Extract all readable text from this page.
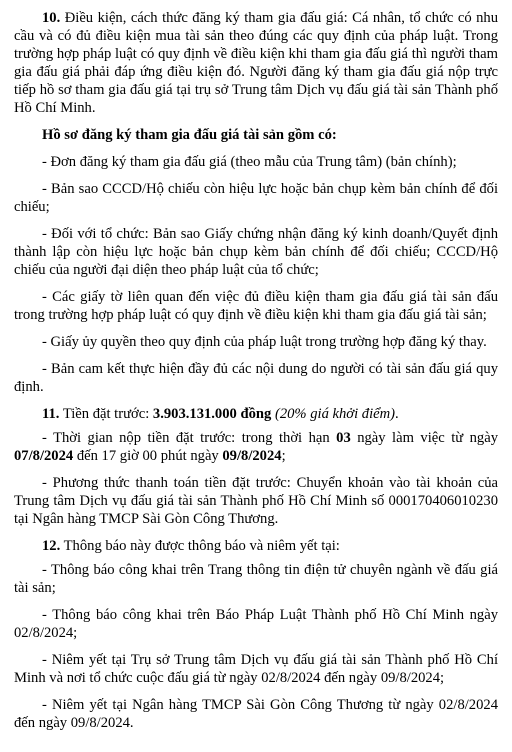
10. Điều kiện, cách thức đăng ký tham gia đấu giá: Cá nhân, tổ chức có nhu cầu và có đủ điều kiện mua tài sản theo đúng các quy định của pháp luật. Trong trường hợp pháp luật có quy định về điều kiện khi tham gia đấu giá thì người tham gia đấu giá phải đáp ứng điều kiện đó. Người đăng ký tham gia đấu giá nộp trực tiếp hồ sơ tham gia đấu giá tại trụ sở Trung tâm Dịch vụ đấu giá tài sản Thành phố Hồ Chí Minh.

Hồ sơ đăng ký tham gia đấu giá tài sản gồm có:

- Đơn đăng ký tham gia đấu giá (theo mẫu của Trung tâm) (bản chính);

- Bản sao CCCD/Hộ chiếu còn hiệu lực hoặc bản chụp kèm bản chính để đối chiếu;

- Đối với tổ chức: Bản sao Giấy chứng nhận đăng ký kinh doanh/Quyết định thành lập còn hiệu lực hoặc bản chụp kèm bản chính để đối chiếu; CCCD/Hộ chiếu của người đại diện theo pháp luật của tổ chức;

- Các giấy tờ liên quan đến việc đủ điều kiện tham gia đấu giá tài sản đấu trong trường hợp pháp luật có quy định về điều kiện khi tham gia đấu giá tài sản;

- Giấy ủy quyền theo quy định của pháp luật trong trường hợp đăng ký thay.

- Bản cam kết thực hiện đầy đủ các nội dung do người có tài sản đấu giá quy định.

11. Tiền đặt trước: 3.903.131.000 đồng (20% giá khởi điểm).

- Thời gian nộp tiền đặt trước: trong thời hạn 03 ngày làm việc từ ngày 07/8/2024 đến 17 giờ 00 phút ngày 09/8/2024;

- Phương thức thanh toán tiền đặt trước: Chuyển khoản vào tài khoản của Trung tâm Dịch vụ đấu giá tài sản Thành phố Hồ Chí Minh số 000170406010230 tại Ngân hàng TMCP Sài Gòn Công Thương.

12. Thông báo này được thông báo và niêm yết tại:

- Thông báo công khai trên Trang thông tin điện tử chuyên ngành về đấu giá tài sản;

- Thông báo công khai trên Báo Pháp Luật Thành phố Hồ Chí Minh ngày 02/8/2024;

- Niêm yết tại Trụ sở Trung tâm Dịch vụ đấu giá tài sản Thành phố Hồ Chí Minh và nơi tổ chức cuộc đấu giá từ ngày 02/8/2024 đến ngày 09/8/2024;

- Niêm yết tại Ngân hàng TMCP Sài Gòn Công Thương từ ngày 02/8/2024 đến ngày 09/8/2024.
